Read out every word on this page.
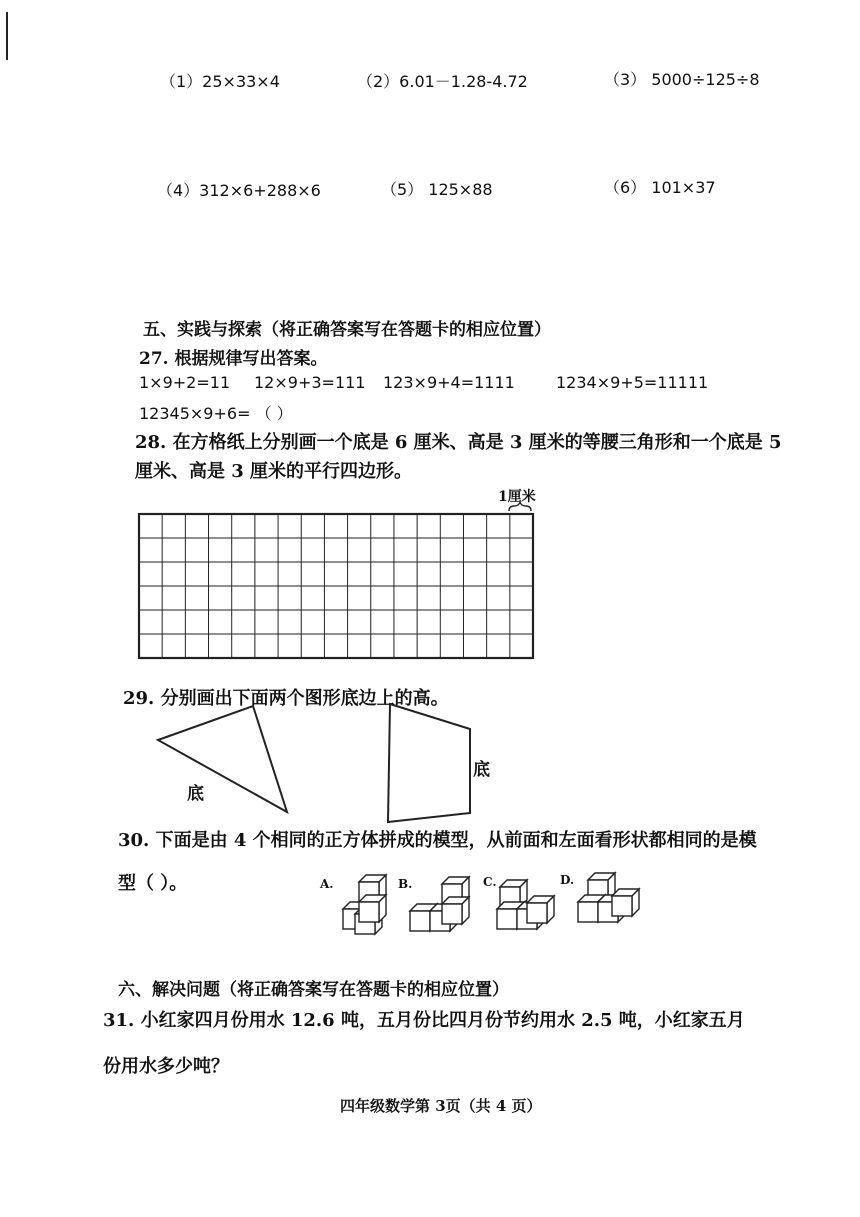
（1）25×33×4	（2）6.01－1.28-4.72	（3） 5000÷125÷8
（4）312×6+288×6	（5） 125×88	（6） 101×37
五、实践与探索（将正确答案写在答题卡的相应位置）
27. 根据规律写出答案。
1×9+2=11 12×9+3=111 123×9+4=1111	1234×9+5=11111
12345×9+6= （ ）
28. 在方格纸上分别画一个底是 6 厘米、高是 3 厘米的等腰三角形和一个底是 5
厘米、高是 3 厘米的平行四边形。
1厘米
29. 分别画出下面两个图形底边上的高。
底
底
30. 下面是由 4 个相同的正方体拼成的模型，从前面和左面看形状都相同的是模
型（ ）。	A.	B.	C.	D.
六、解决问题（将正确答案写在答题卡的相应位置）
31. 小红家四月份用水 12.6 吨，五月份比四月份节约用水 2.5 吨，小红家五月
份用水多少吨？
四年级数学第 3页（共 4 页）
